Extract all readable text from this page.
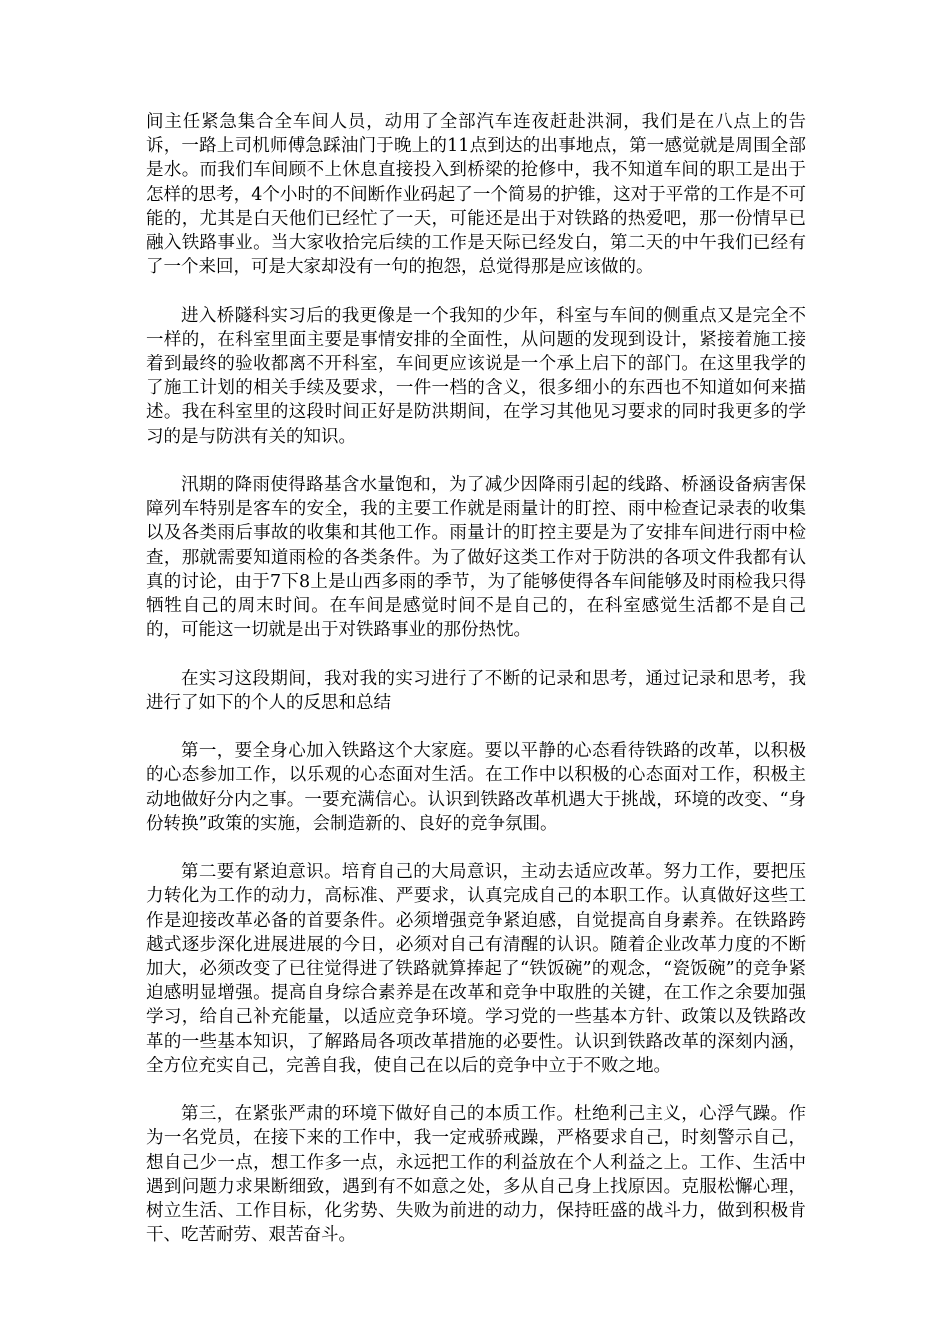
间主任紧急集合全车间人员，动用了全部汽车连夜赶赴洪洞，我们是在八点上的告诉，一路上司机师傅急踩油门于晚上的11点到达的出事地点，第一感觉就是周围全部是水。而我们车间顾不上休息直接投入到桥梁的抢修中，我不知道车间的职工是出于怎样的思考，4个小时的不间断作业码起了一个简易的护锥，这对于平常的工作是不可能的，尤其是白天他们已经忙了一天，可能还是出于对铁路的热爱吧，那一份情早已融入铁路事业。当大家收拾完后续的工作是天际已经发白，第二天的中午我们已经有了一个来回，可是大家却没有一句的抱怨，总觉得那是应该做的。

进入桥隧科实习后的我更像是一个我知的少年，科室与车间的侧重点又是完全不一样的，在科室里面主要是事情安排的全面性，从问题的发现到设计，紧接着施工接着到最终的验收都离不开科室，车间更应该说是一个承上启下的部门。在这里我学的了施工计划的相关手续及要求，一件一档的含义，很多细小的东西也不知道如何来描述。我在科室里的这段时间正好是防洪期间，在学习其他见习要求的同时我更多的学习的是与防洪有关的知识。

汛期的降雨使得路基含水量饱和，为了减少因降雨引起的线路、桥涵设备病害保障列车特别是客车的安全，我的主要工作就是雨量计的盯控、雨中检查记录表的收集以及各类雨后事故的收集和其他工作。雨量计的盯控主要是为了安排车间进行雨中检查，那就需要知道雨检的各类条件。为了做好这类工作对于防洪的各项文件我都有认真的讨论，由于7下8上是山西多雨的季节，为了能够使得各车间能够及时雨检我只得牺牲自己的周末时间。在车间是感觉时间不是自己的，在科室感觉生活都不是自己的，可能这一切就是出于对铁路事业的那份热忱。

在实习这段期间，我对我的实习进行了不断的记录和思考，通过记录和思考，我进行了如下的个人的反思和总结

第一，要全身心加入铁路这个大家庭。要以平静的心态看待铁路的改革，以积极的心态参加工作，以乐观的心态面对生活。在工作中以积极的心态面对工作，积极主动地做好分内之事。一要充满信心。认识到铁路改革机遇大于挑战，环境的改变、“身份转换”政策的实施，会制造新的、良好的竞争氛围。

第二要有紧迫意识。培育自己的大局意识，主动去适应改革。努力工作，要把压力转化为工作的动力，高标准、严要求，认真完成自己的本职工作。认真做好这些工作是迎接改革必备的首要条件。必须增强竞争紧迫感，自觉提高自身素养。在铁路跨越式逐步深化进展进展的今日，必须对自己有清醒的认识。随着企业改革力度的不断加大，必须改变了已往觉得进了铁路就算捧起了“铁饭碗”的观念，“瓷饭碗”的竞争紧迫感明显增强。提高自身综合素养是在改革和竞争中取胜的关键，在工作之余要加强学习，给自己补充能量，以适应竞争环境。学习党的一些基本方针、政策以及铁路改革的一些基本知识，了解路局各项改革措施的必要性。认识到铁路改革的深刻内涵，全方位充实自己，完善自我，使自己在以后的竞争中立于不败之地。

第三，在紧张严肃的环境下做好自己的本质工作。杜绝利己主义，心浮气躁。作为一名党员，在接下来的工作中，我一定戒骄戒躁，严格要求自己，时刻警示自己，想自己少一点，想工作多一点，永远把工作的利益放在个人利益之上。工作、生活中遇到问题力求果断细致，遇到有不如意之处，多从自己身上找原因。克服松懈心理，树立生活、工作目标，化劣势、失败为前进的动力，保持旺盛的战斗力，做到积极肯干、吃苦耐劳、艰苦奋斗。
